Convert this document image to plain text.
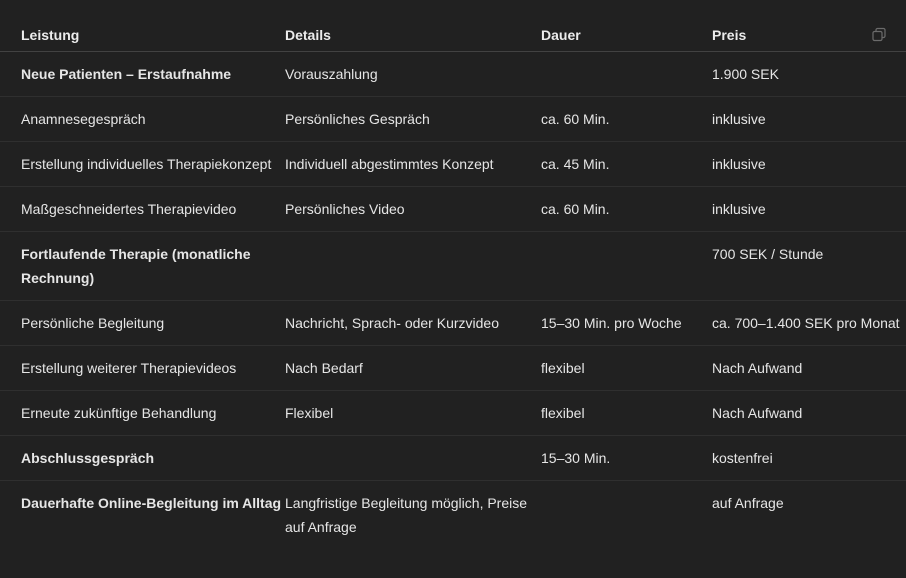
Leistung	Details	Dauer	Preis
Neue Patienten – Erstaufnahme	Vorauszahlung		1.900 SEK
Anamnesegespräch	Persönliches Gespräch	ca. 60 Min.	inklusive
Erstellung individuelles Therapiekonzept	Individuell abgestimmtes Konzept	ca. 45 Min.	inklusive
Maßgeschneidertes Therapievideo	Persönliches Video	ca. 60 Min.	inklusive
Fortlaufende Therapie (monatliche Rechnung)			700 SEK / Stunde
Persönliche Begleitung	Nachricht, Sprach- oder Kurzvideo	15–30 Min. pro Woche	ca. 700–1.400 SEK pro Monat
Erstellung weiterer Therapievideos	Nach Bedarf	flexibel	Nach Aufwand
Erneute zukünftige Behandlung	Flexibel	flexibel	Nach Aufwand
Abschlussgespräch		15–30 Min.	kostenfrei
Dauerhafte Online-Begleitung im Alltag	Langfristige Begleitung möglich, Preise auf Anfrage		auf Anfrage
